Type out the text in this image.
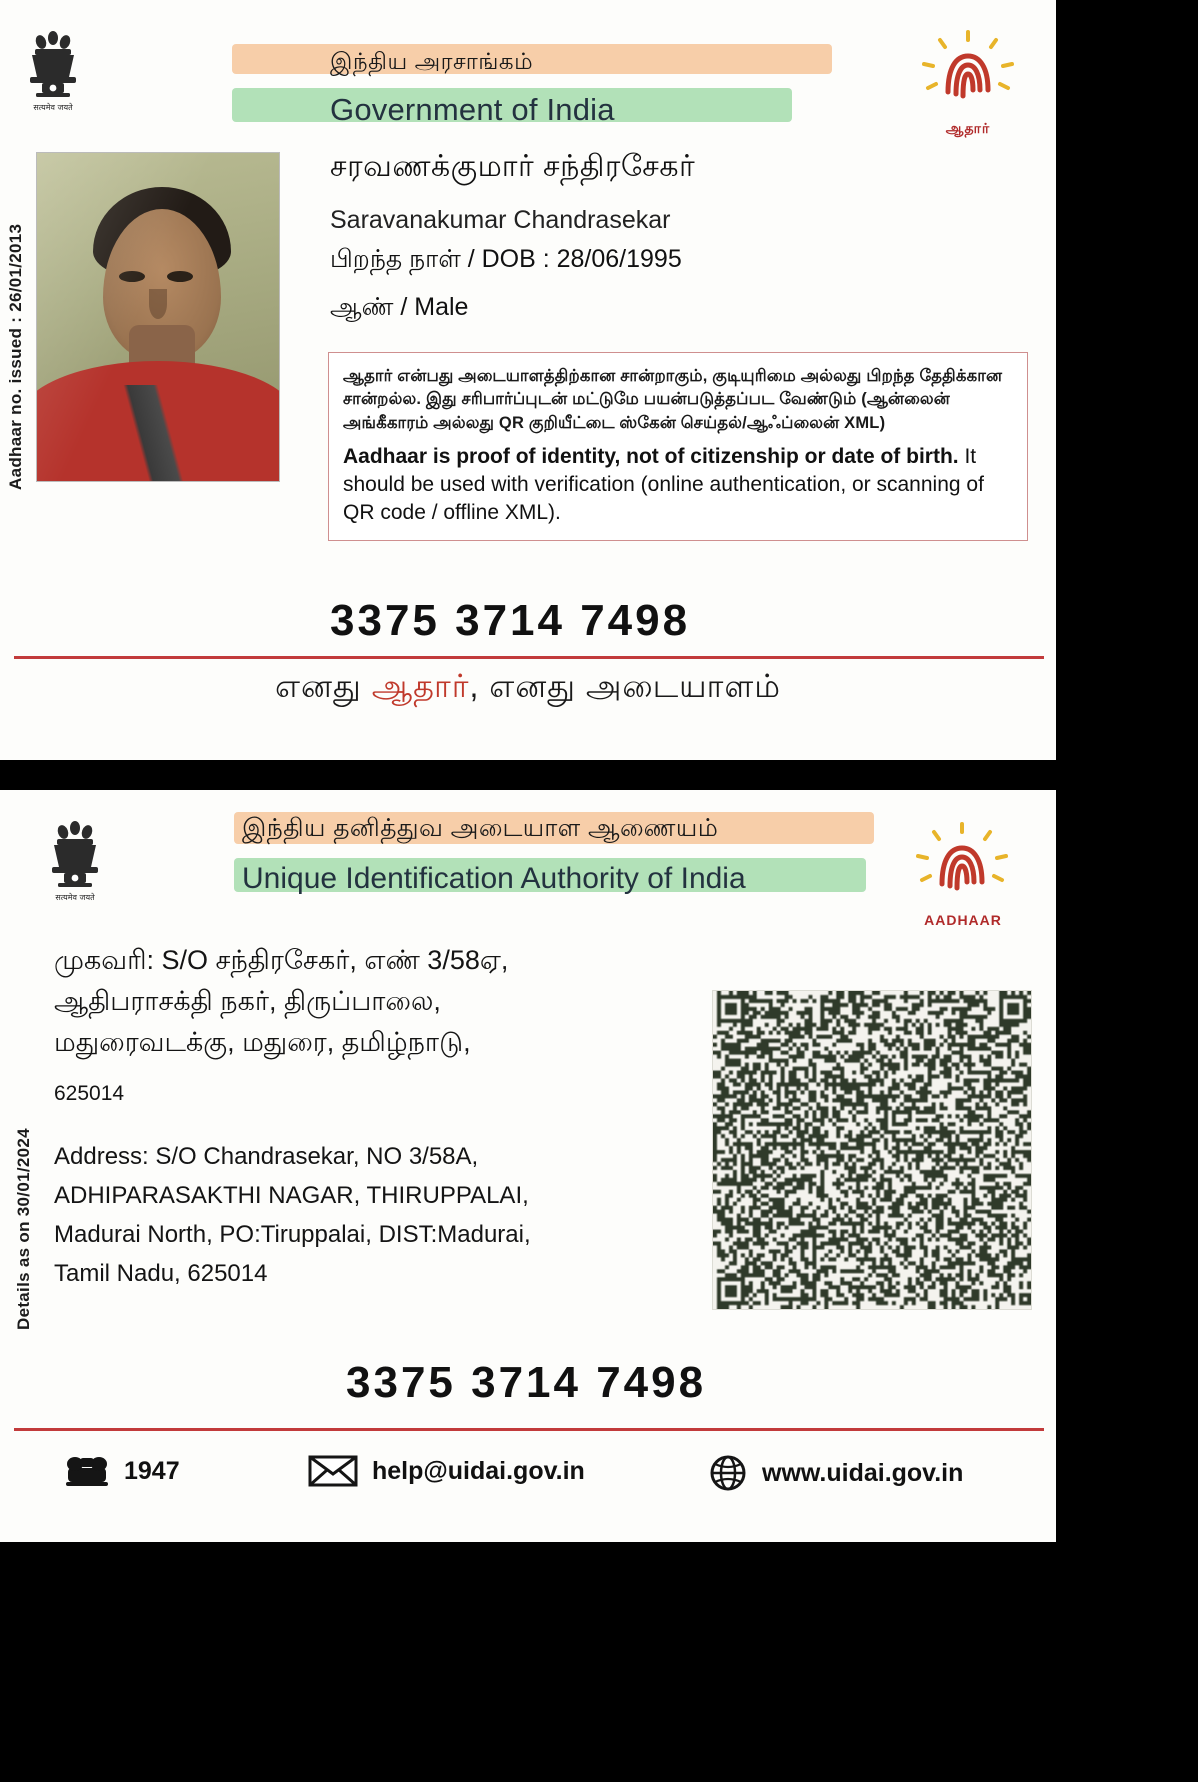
Aadhaar no. issued : 26/01/2013
सत्यमेव जयते
இந்திய அரசாங்கம்
Government of India
ஆதார்
சரவணக்குமார் சந்திரசேகர்
Saravanakumar Chandrasekar
பிறந்த நாள் / DOB : 28/06/1995
ஆண் / Male
ஆதார் என்பது அடையாளத்திற்கான சான்றாகும், குடியுரிமை அல்லது பிறந்த தேதிக்கான சான்றல்ல. இது சரிபார்ப்புடன் மட்டுமே பயன்படுத்தப்பட வேண்டும் (ஆன்லைன் அங்கீகாரம் அல்லது QR குறியீட்டை ஸ்கேன் செய்தல்/ஆஃப்லைன் XML)
Aadhaar is proof of identity, not of citizenship or date of birth. It should be used with verification (online authentication, or scanning of QR code / offline XML).
3375 3714 7498
எனது ஆதார், எனது அடையாளம்
Details as on 30/01/2024
सत्यमेव जयते
இந்திய தனித்துவ அடையாள ஆணையம்
Unique Identification Authority of India
AADHAAR
முகவரி: S/O சந்திரசேகர், எண் 3/58ஏ,
ஆதிபராசக்தி நகர், திருப்பாலை,
மதுரைவடக்கு, மதுரை, தமிழ்நாடு,
625014
Address: S/O Chandrasekar, NO 3/58A,
ADHIPARASAKTHI NAGAR, THIRUPPALAI,
Madurai North, PO:Tiruppalai, DIST:Madurai,
Tamil Nadu, 625014
3375 3714 7498
1947	help@uidai.gov.in	www.uidai.gov.in
